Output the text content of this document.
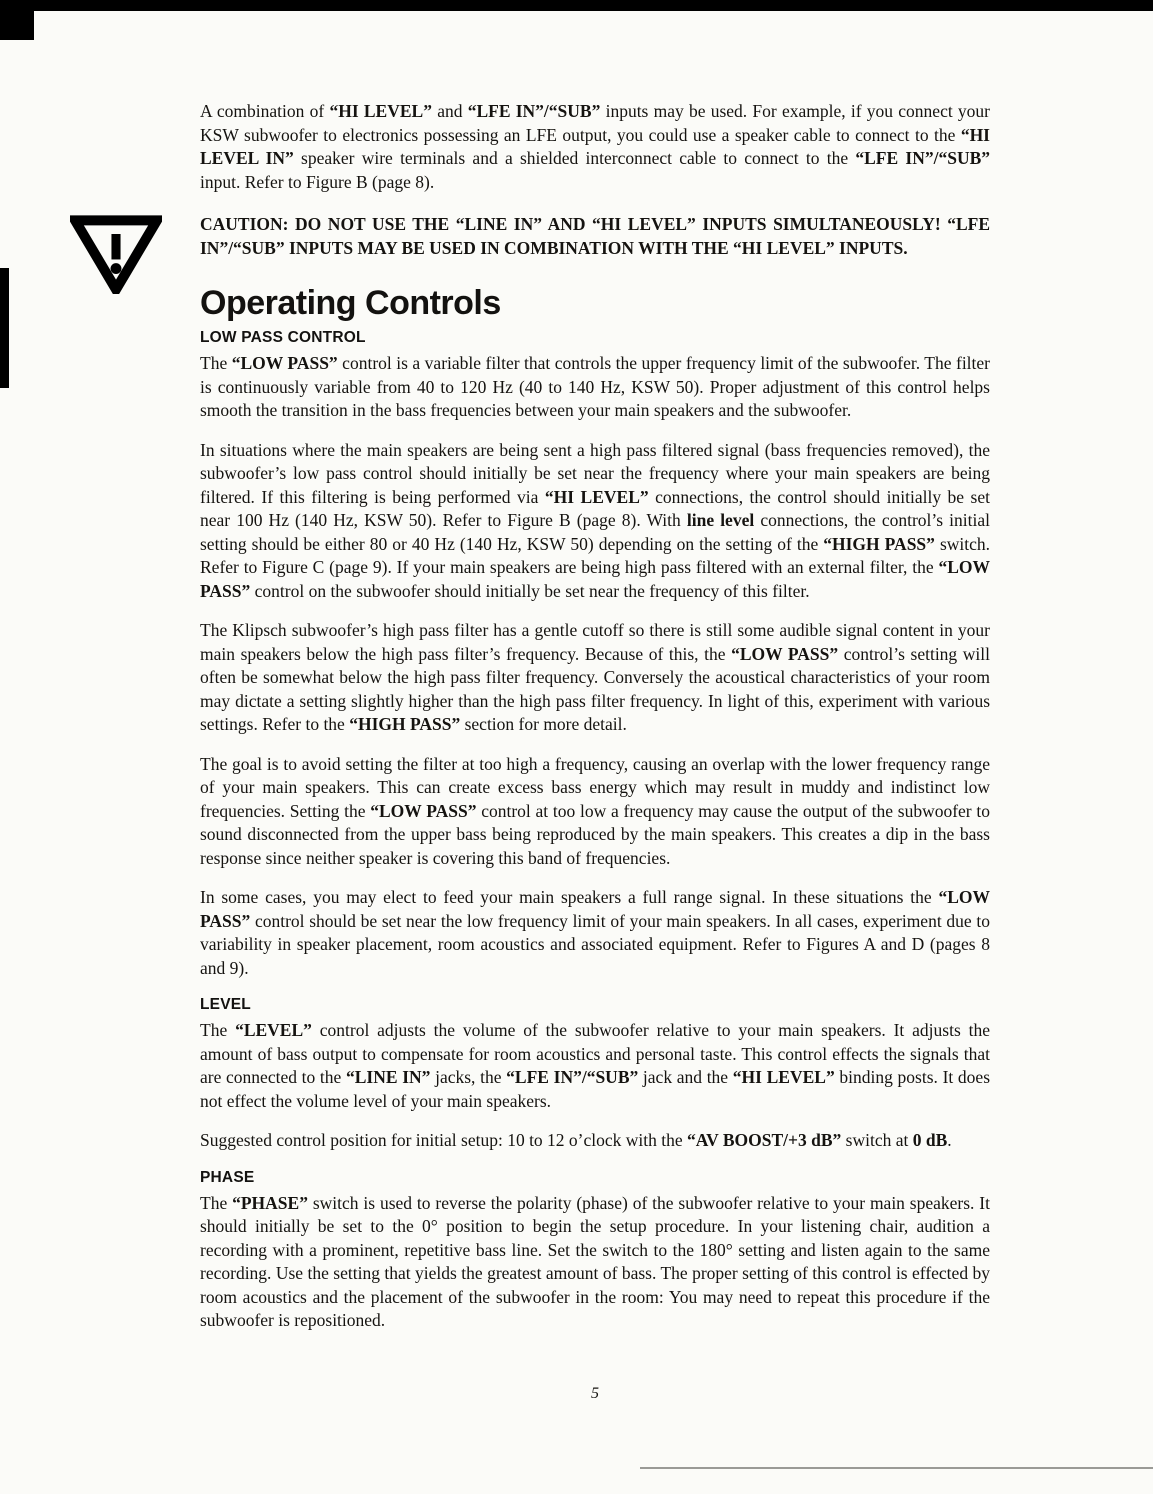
A combination of “HI LEVEL” and “LFE IN”/“SUB” inputs may be used. For example, if you connect your KSW subwoofer to electronics possessing an LFE output, you could use a speaker cable to connect to the “HI LEVEL IN” speaker wire terminals and a shielded interconnect cable to connect to the “LFE IN”/“SUB” input. Refer to Figure B (page 8).

CAUTION: DO NOT USE THE “LINE IN” AND “HI LEVEL” INPUTS SIMULTANEOUSLY! “LFE IN”/“SUB” INPUTS MAY BE USED IN COMBINATION WITH THE “HI LEVEL” INPUTS.

Operating Controls
LOW PASS CONTROL

The “LOW PASS” control is a variable filter that controls the upper frequency limit of the subwoofer. The filter is continuously variable from 40 to 120 Hz (40 to 140 Hz, KSW 50). Proper adjustment of this control helps smooth the transition in the bass frequencies between your main speakers and the subwoofer.

In situations where the main speakers are being sent a high pass filtered signal (bass frequencies removed), the subwoofer’s low pass control should initially be set near the frequency where your main speakers are being filtered. If this filtering is being performed via “HI LEVEL” connections, the control should initially be set near 100 Hz (140 Hz, KSW 50). Refer to Figure B (page 8). With line level connections, the control’s initial setting should be either 80 or 40 Hz (140 Hz, KSW 50) depending on the setting of the “HIGH PASS” switch. Refer to Figure C (page 9). If your main speakers are being high pass filtered with an external filter, the “LOW PASS” control on the subwoofer should initially be set near the frequency of this filter.

The Klipsch subwoofer’s high pass filter has a gentle cutoff so there is still some audible signal content in your main speakers below the high pass filter’s frequency. Because of this, the “LOW PASS” control’s setting will often be somewhat below the high pass filter frequency. Conversely the acoustical characteristics of your room may dictate a setting slightly higher than the high pass filter frequency. In light of this, experiment with various settings. Refer to the “HIGH PASS” section for more detail.

The goal is to avoid setting the filter at too high a frequency, causing an overlap with the lower frequency range of your main speakers. This can create excess bass energy which may result in muddy and indistinct low frequencies. Setting the “LOW PASS” control at too low a frequency may cause the output of the subwoofer to sound disconnected from the upper bass being reproduced by the main speakers. This creates a dip in the bass response since neither speaker is covering this band of frequencies.

In some cases, you may elect to feed your main speakers a full range signal. In these situations the “LOW PASS” control should be set near the low frequency limit of your main speakers. In all cases, experiment due to variability in speaker placement, room acoustics and associated equipment. Refer to Figures A and D (pages 8 and 9).

LEVEL

The “LEVEL” control adjusts the volume of the subwoofer relative to your main speakers. It adjusts the amount of bass output to compensate for room acoustics and personal taste. This control effects the signals that are connected to the “LINE IN” jacks, the “LFE IN”/“SUB” jack and the “HI LEVEL” binding posts. It does not effect the volume level of your main speakers.

Suggested control position for initial setup: 10 to 12 o’clock with the “AV BOOST/+3 dB” switch at 0 dB.

PHASE

The “PHASE” switch is used to reverse the polarity (phase) of the subwoofer relative to your main speakers. It should initially be set to the 0° position to begin the setup procedure. In your listening chair, audition a recording with a prominent, repetitive bass line. Set the switch to the 180° setting and listen again to the same recording. Use the setting that yields the greatest amount of bass. The proper setting of this control is effected by room acoustics and the placement of the subwoofer in the room: You may need to repeat this procedure if the subwoofer is repositioned.

5
